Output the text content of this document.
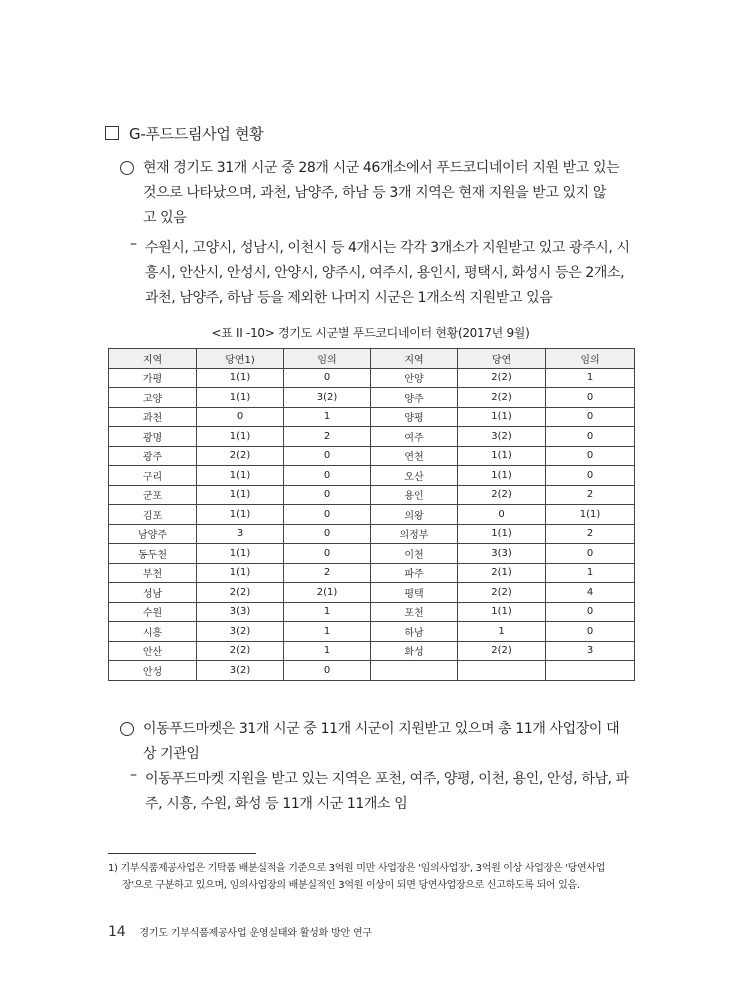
G-푸드드림사업 현황
현재 경기도 31개 시군 중 28개 시군 46개소에서 푸드코디네이터 지원 받고 있는
것으로 나타났으며, 과천, 남양주, 하남 등 3개 지역은 현재 지원을 받고 있지 않
고 있음
– 수원시, 고양시, 성남시, 이천시 등 4개시는 각각 3개소가 지원받고 있고 광주시, 시
흥시, 안산시, 안성시, 안양시, 양주시, 여주시, 용인시, 평택시, 화성시 등은 2개소,
과천, 남양주, 하남 등을 제외한 나머지 시군은 1개소씩 지원받고 있음
<표 II -10> 경기도 시군별 푸드코디네이터 현황(2017년 9월)
지역	당연1)	임의	지역	당연	임의
가평	1(1)	0	안양	2(2)	1
고양	1(1)	3(2)	양주	2(2)	0
과천	0	1	양평	1(1)	0
광명	1(1)	2	여주	3(2)	0
광주	2(2)	0	연천	1(1)	0
구리	1(1)	0	오산	1(1)	0
군포	1(1)	0	용인	2(2)	2
김포	1(1)	0	의왕	0	1(1)
남양주	3	0	의정부	1(1)	2
동두천	1(1)	0	이천	3(3)	0
부천	1(1)	2	파주	2(1)	1
성남	2(2)	2(1)	평택	2(2)	4
수원	3(3)	1	포천	1(1)	0
시흥	3(2)	1	하남	1	0
안산	2(2)	1	화성	2(2)	3
안성	3(2)	0			
이동푸드마켓은 31개 시군 중 11개 시군이 지원받고 있으며 총 11개 사업장이 대
상 기관임
– 이동푸드마켓 지원을 받고 있는 지역은 포천, 여주, 양평, 이천, 용인, 안성, 하남, 파
주, 시흥, 수원, 화성 등 11개 시군 11개소 임
1) 기부식품제공사업은 기탁품 배분실적을 기준으로 3억원 미만 사업장은 '임의사업장', 3억원 이상 사업장은 '당연사업
장'으로 구분하고 있으며, 임의사업장의 배분실적인 3억원 이상이 되면 당연사업장으로 신고하도록 되어 있음.
14 경기도 기부식품제공사업 운영실태와 활성화 방안 연구
